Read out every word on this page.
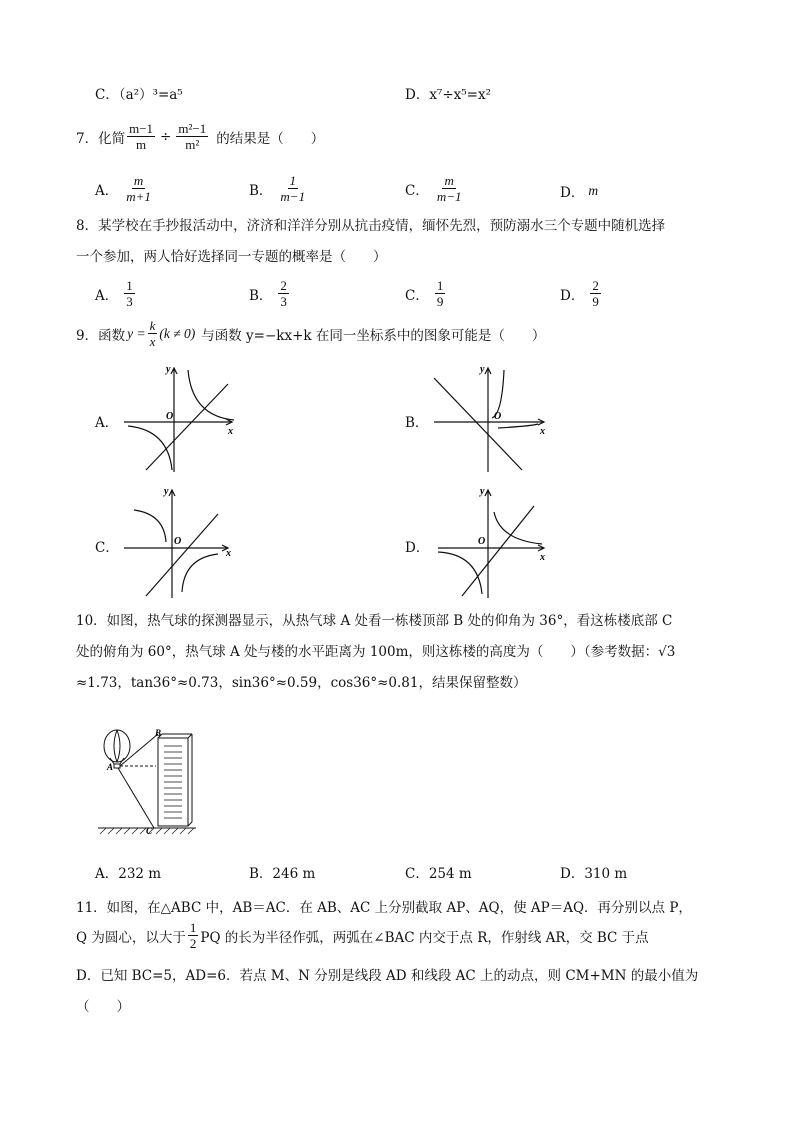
C．（a²）³=a⁵	D．x⁷÷x⁵=x²
7．化简 $\frac{m-1}{m} \div \frac{\text{m²−1}}{\text{m²}}$ 的结果是（　　）
A． $\frac{m}{m+1}$	B． $\frac{1}{m-1}$	C． $\frac{m}{m-1}$	D． m
8．某学校在手抄报活动中，济济和洋洋分别从抗击疫情，缅怀先烈，预防溺水三个专题中随机选择
一个参加，两人恰好选择同一专题的概率是（　　）
A． $\frac{1}{3}$	B． $\frac{2}{3}$	C． $\frac{1}{9}$	D． $\frac{2}{9}$
9．函数 $y = \frac{k}{x} (k \ne 0)$ 与函数 y=−kx+k 在同一坐标系中的图象可能是（　　）
A．	B．
C．	D．
y
x
O
y
x
O
y
x
O
y
x
O
10．如图，热气球的探测器显示，从热气球 A 处看一栋楼顶部 B 处的仰角为 36°，看这栋楼底部 C
处的俯角为 60°，热气球 A 处与楼的水平距离为 100m，则这栋楼的高度为（　　）（参考数据：√3
≈1.73，tan36°≈0.73，sin36°≈0.59，cos36°≈0.81，结果保留整数）
A
B
C
A．232 m	B．246 m	C．254 m	D．310 m
11．如图，在△ABC 中，AB＝AC．在 AB、AC 上分别截取 AP、AQ，使 AP＝AQ．再分别以点 P，
Q 为圆心，以大于 $\frac{1}{2}$ PQ 的长为半径作弧，两弧在∠BAC 内交于点 R，作射线 AR，交 BC 于点
D．已知 BC=5，AD=6．若点 M、N 分别是线段 AD 和线段 AC 上的动点，则 CM+MN 的最小值为
（　　）
